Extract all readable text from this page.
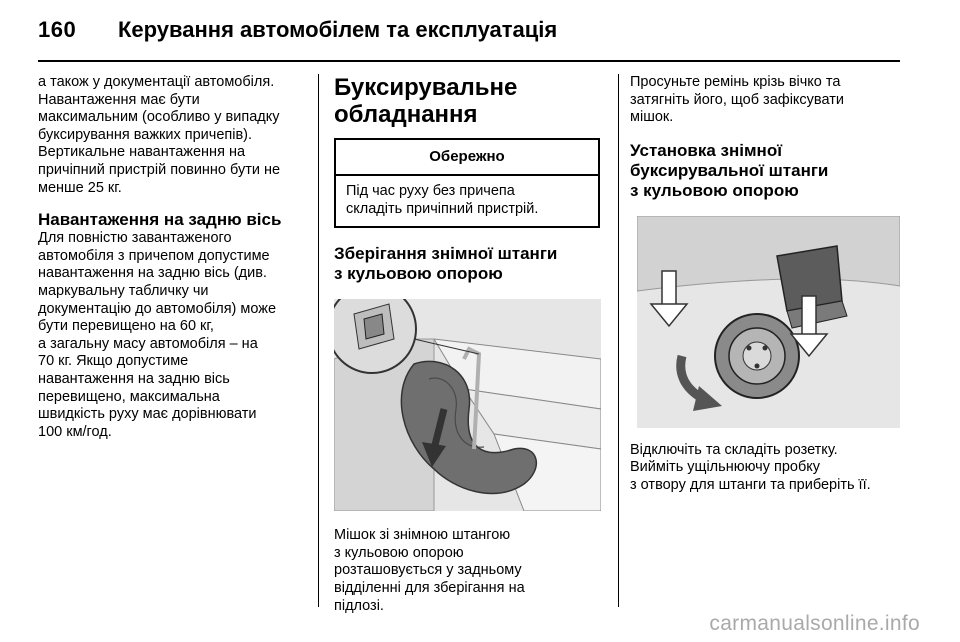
160 Керування автомобілем та експлуатація
а також у документації автомобіля.
Навантаження має бути
максимальним (особливо у випадку
буксирування важких причепів).
Вертикальне навантаження на
причіпний пристрій повинно бути не
менше 25 кг.
Навантаження на задню вісь
Для повністю завантаженого
автомобіля з причепом допустиме
навантаження на задню вісь (див.
маркувальну табличку чи
документацію до автомобіля) може
бути перевищено на 60 кг,
а загальну масу автомобіля – на
70 кг. Якщо допустиме
навантаження на задню вісь
перевищено, максимальна
швидкість руху має дорівнювати
100 км/год.
Буксирувальне
обладнання
Обережно
Під час руху без причепа
складіть причіпний пристрій.
Зберігання знімної штанги
з кульовою опорою
Мішок зі знімною штангою
з кульовою опорою
розташовується у задньому
відділенні для зберігання на
підлозі.
Просуньте ремінь крізь вічко та
затягніть його, щоб зафіксувати
мішок.
Установка знімної
буксирувальної штанги
з кульовою опорою
Відключіть та складіть розетку.
Вийміть ущільнюючу пробку
з отвору для штанги та приберіть її.
carmanualsonline.info
